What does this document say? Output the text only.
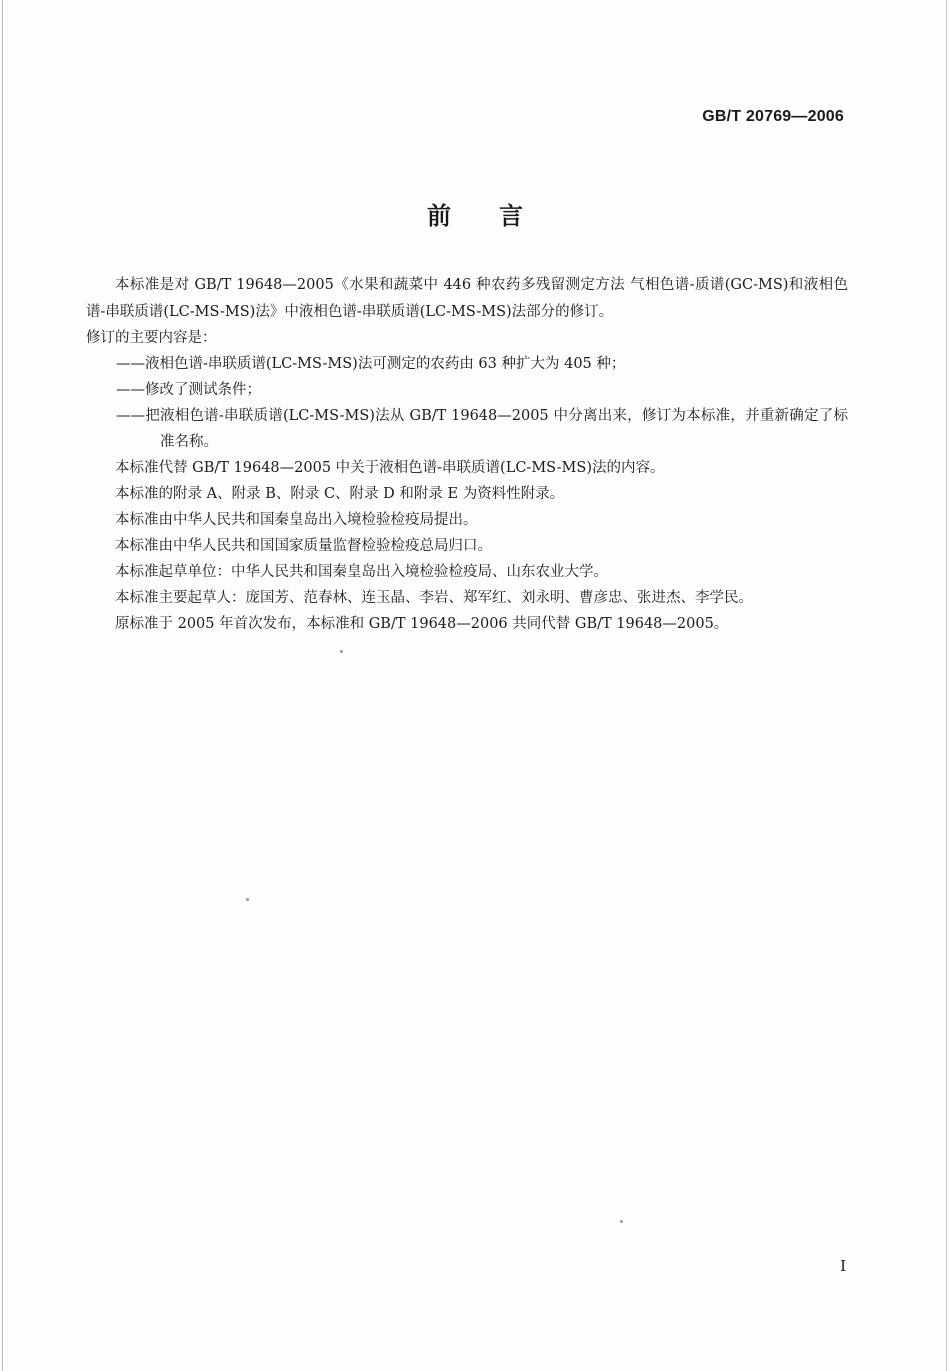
GB/T 20769—2006
前言

本标准是对 GB/T 19648—2005《水果和蔬菜中 446 种农药多残留测定方法 气相色谱-质谱(GC-MS)和液相色谱-串联质谱(LC-MS-MS)法》中液相色谱-串联质谱(LC-MS-MS)法部分的修订。

修订的主要内容是：

——液相色谱-串联质谱(LC-MS-MS)法可测定的农药由 63 种扩大为 405 种；

——修改了测试条件；

——把液相色谱-串联质谱(LC-MS-MS)法从 GB/T 19648—2005 中分离出来，修订为本标准，并重新确定了标准名称。

本标准代替 GB/T 19648—2005 中关于液相色谱-串联质谱(LC-MS-MS)法的内容。

本标准的附录 A、附录 B、附录 C、附录 D 和附录 E 为资料性附录。

本标准由中华人民共和国秦皇岛出入境检验检疫局提出。

本标准由中华人民共和国国家质量监督检验检疫总局归口。

本标准起草单位：中华人民共和国秦皇岛出入境检验检疫局、山东农业大学。

本标准主要起草人：庞国芳、范春林、连玉晶、李岩、郑军红、刘永明、曹彦忠、张进杰、李学民。

原标准于 2005 年首次发布，本标准和 GB/T 19648—2006 共同代替 GB/T 19648—2005。

I
